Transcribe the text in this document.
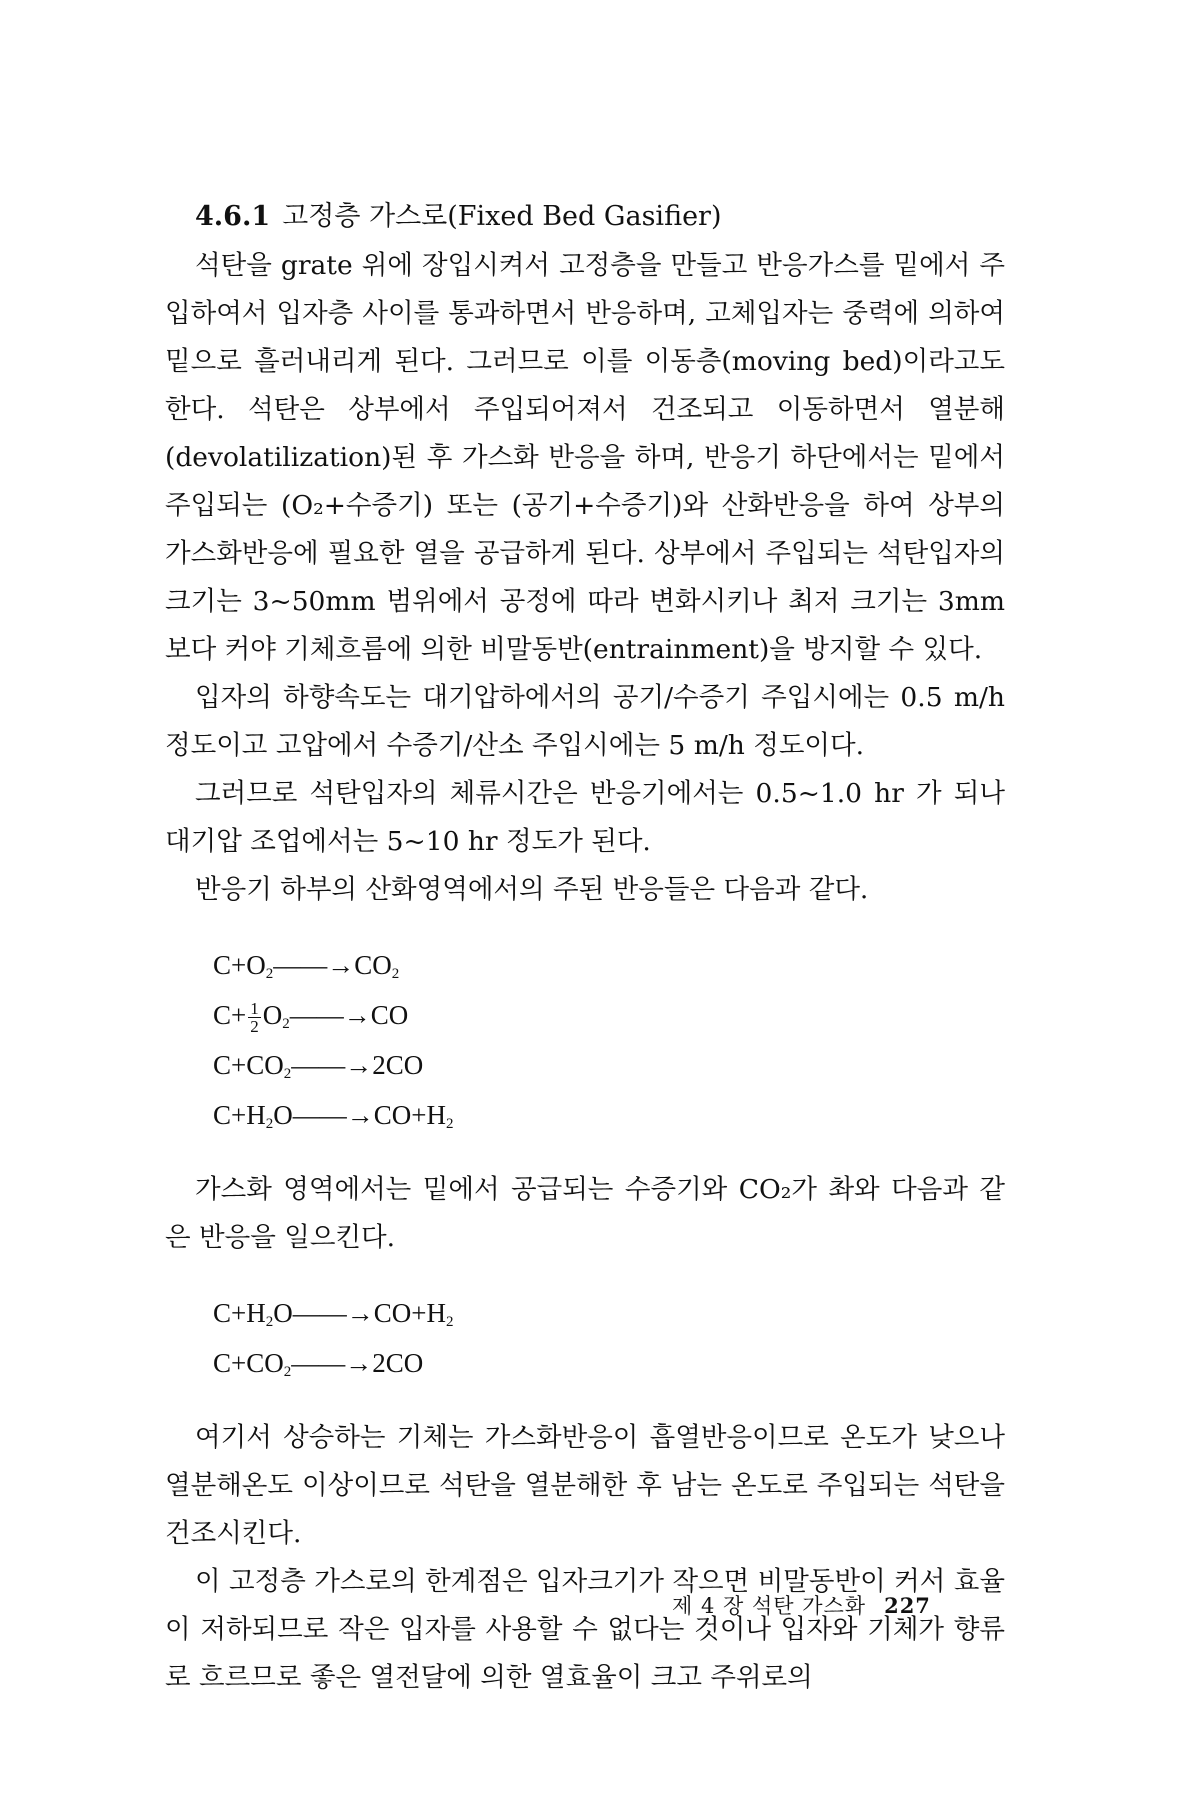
4.6.1 고정층 가스로(Fixed Bed Gasifier)

석탄을 grate 위에 장입시켜서 고정층을 만들고 반응가스를 밑에서 주입하여서 입자층 사이를 통과하면서 반응하며, 고체입자는 중력에 의하여 밑으로 흘러내리게 된다. 그러므로 이를 이동층(moving bed)이라고도 한다. 석탄은 상부에서 주입되어져서 건조되고 이동하면서 열분해(devolatilization)된 후 가스화 반응을 하며, 반응기 하단에서는 밑에서 주입되는 (O₂+수증기) 또는 (공기+수증기)와 산화반응을 하여 상부의 가스화반응에 필요한 열을 공급하게 된다. 상부에서 주입되는 석탄입자의 크기는 3~50mm 범위에서 공정에 따라 변화시키나 최저 크기는 3mm보다 커야 기체흐름에 의한 비말동반(entrainment)을 방지할 수 있다.

입자의 하향속도는 대기압하에서의 공기/수증기 주입시에는 0.5 m/h 정도이고 고압에서 수증기/산소 주입시에는 5 m/h 정도이다.

그러므로 석탄입자의 체류시간은 반응기에서는 0.5~1.0 hr 가 되나 대기압 조업에서는 5~10 hr 정도가 된다.

반응기 하부의 산화영역에서의 주된 반응들은 다음과 같다.

$C+O_2——\to CO_2$
$C+ \frac{1}{2}$ $O_2——\to CO$
$C+CO_2——\to 2CO$
$C+H_2O——\to CO+H_2$

가스화 영역에서는 밑에서 공급되는 수증기와 CO₂가 촤와 다음과 같은 반응을 일으킨다.

$C+H_2O——\to CO+H_2$
$C+CO_2——\to 2CO$

여기서 상승하는 기체는 가스화반응이 흡열반응이므로 온도가 낮으나 열분해온도 이상이므로 석탄을 열분해한 후 남는 온도로 주입되는 석탄을 건조시킨다.

이 고정층 가스로의 한계점은 입자크기가 작으면 비말동반이 커서 효율이 저하되므로 작은 입자를 사용할 수 없다는 것이나 입자와 기체가 향류로 흐르므로 좋은 열전달에 의한 열효율이 크고 주위로의

제 4 장 석탄 가스화 227
